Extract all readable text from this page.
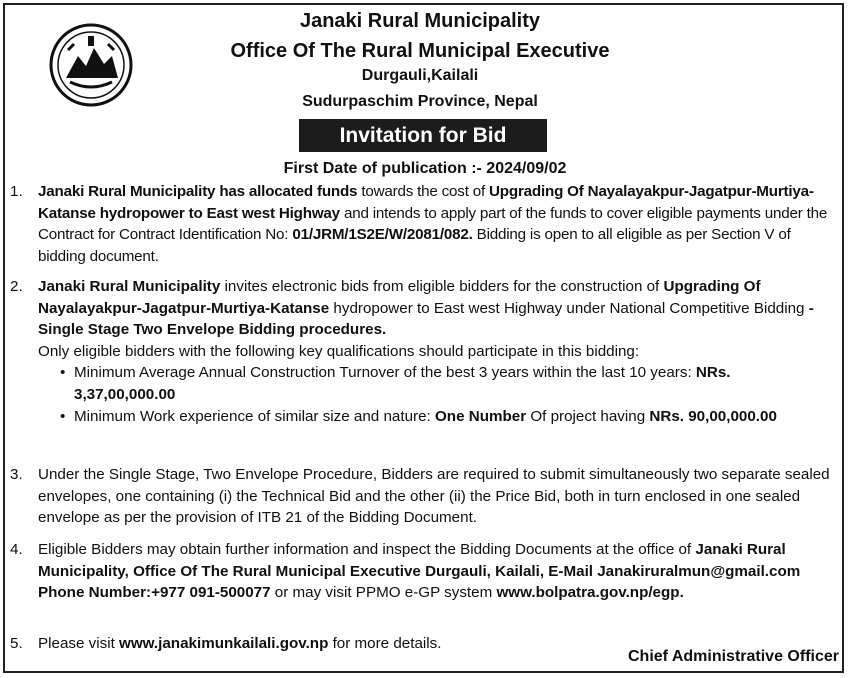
Janaki Rural Municipality
Office Of The Rural Municipal Executive
Durgauli,Kailali
Sudurpaschim Province, Nepal
Invitation for Bid
First Date of publication :- 2024/09/02
1. Janaki Rural Municipality has allocated funds towards the cost of Upgrading Of Nayalayakpur-Jagatpur-Murtiya-Katanse hydropower to East west Highway and intends to apply part of the funds to cover eligible payments under the Contract for Contract Identification No: 01/JRM/1S2E/W/2081/082. Bidding is open to all eligible as per Section V of bidding document.
2. Janaki Rural Municipality invites electronic bids from eligible bidders for the construction of Upgrading Of Nayalayakpur-Jagatpur-Murtiya-Katanse hydropower to East west Highway under National Competitive Bidding - Single Stage Two Envelope Bidding procedures.
Only eligible bidders with the following key qualifications should participate in this bidding:
• Minimum Average Annual Construction Turnover of the best 3 years within the last 10 years: NRs. 3,37,00,000.00
• Minimum Work experience of similar size and nature: One Number Of project having NRs. 90,00,000.00
3. Under the Single Stage, Two Envelope Procedure, Bidders are required to submit simultaneously two separate sealed envelopes, one containing (i) the Technical Bid and the other (ii) the Price Bid, both in turn enclosed in one sealed envelope as per the provision of ITB 21 of the Bidding Document.
4. Eligible Bidders may obtain further information and inspect the Bidding Documents at the office of Janaki Rural Municipality, Office Of The Rural Municipal Executive Durgauli, Kailali, E-Mail Janakiruralmun@gmail.com Phone Number:+977 091-500077 or may visit PPMO e-GP system www.bolpatra.gov.np/egp.
5. Please visit www.janakimunkailali.gov.np for more details.
Chief Administrative Officer
